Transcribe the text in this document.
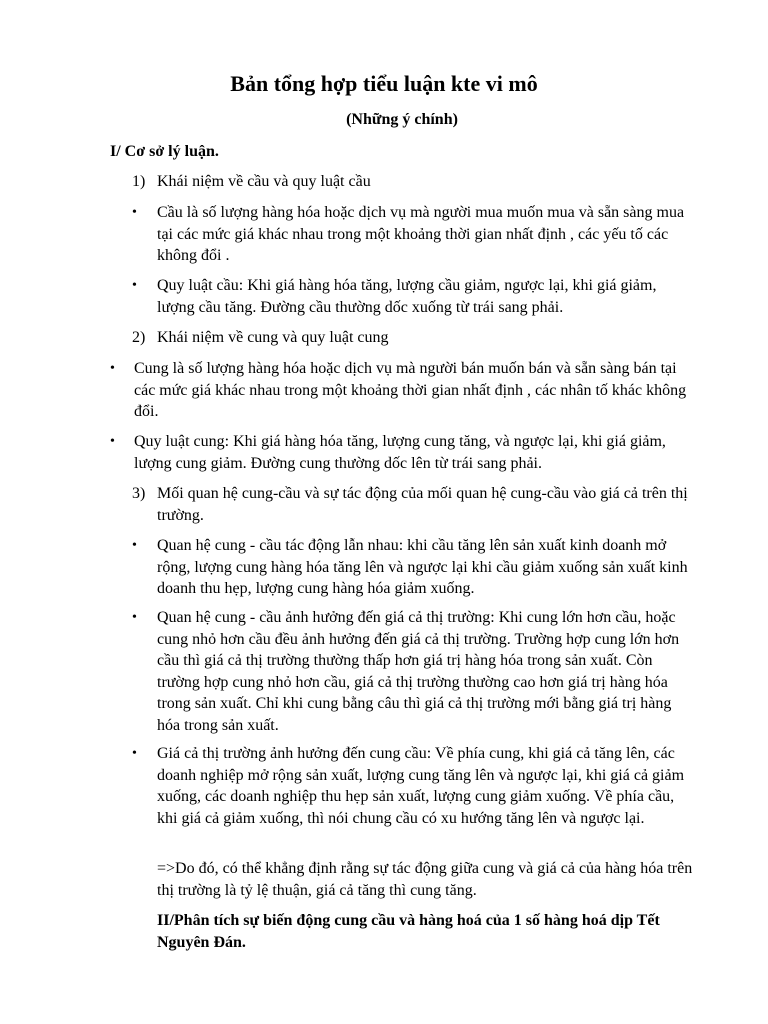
Bản tổng hợp tiểu luận kte vi mô
(Những ý chính)
I/ Cơ sở lý luận.
1) Khái niệm về cầu và quy luật cầu
•	Cầu là số lượng hàng hóa hoặc dịch vụ mà người mua muốn mua và sẵn sàng mua tại các mức giá khác nhau trong một khoảng thời gian nhất định , các yếu tố các không đổi .
•	Quy luật cầu: Khi giá hàng hóa tăng, lượng cầu giảm, ngược lại, khi giá giảm, lượng cầu tăng. Đường cầu thường dốc xuống từ trái sang phải.
2) Khái niệm về cung và quy luật cung
•	Cung là số lượng hàng hóa hoặc dịch vụ mà người bán muốn bán và sẵn sàng bán tại các mức giá khác nhau trong một khoảng thời gian nhất định , các nhân tố khác không đổi.
•	Quy luật cung: Khi giá hàng hóa tăng, lượng cung tăng, và ngược lại, khi giá giảm, lượng cung giảm. Đường cung thường dốc lên từ trái sang phải.
3) Mối quan hệ cung-cầu và sự tác động của mối quan hệ cung-cầu vào giá cả trên thị trường.
•	Quan hệ cung - cầu tác động lẫn nhau: khi cầu tăng lên sản xuất kinh doanh mở rộng, lượng cung hàng hóa tăng lên và ngược lại khi cầu giảm xuống sản xuất kinh doanh thu hẹp, lượng cung hàng hóa giảm xuống.
•	Quan hệ cung - cầu ảnh hưởng đến giá cả thị trường: Khi cung lớn hơn cầu, hoặc cung nhỏ hơn cầu đều ảnh hưởng đến giá cả thị trường. Trường hợp cung lớn hơn cầu thì giá cả thị trường thường thấp hơn giá trị hàng hóa trong sản xuất. Còn trường hợp cung nhỏ hơn cầu, giá cả thị trường thường cao hơn giá trị hàng hóa trong sản xuất. Chỉ khi cung bằng câu thì giá cả thị trường mới bằng giá trị hàng hóa trong sản xuất.
•	Giá cả thị trường ảnh hưởng đến cung cầu: Về phía cung, khi giá cả tăng lên, các doanh nghiệp mở rộng sản xuất, lượng cung tăng lên và ngược lại, khi giá cả giảm xuống, các doanh nghiệp thu hẹp sản xuất, lượng cung giảm xuống. Về phía cầu, khi giá cả giảm xuống, thì nói chung cầu có xu hướng tăng lên và ngược lại.
=>Do đó, có thể khẳng định rằng sự tác động giữa cung và giá cả của hàng hóa trên thị trường là tỷ lệ thuận, giá cả tăng thì cung tăng.
II/Phân tích sự biến động cung cầu và hàng hoá của 1 số hàng hoá dịp Tết Nguyên Đán.
